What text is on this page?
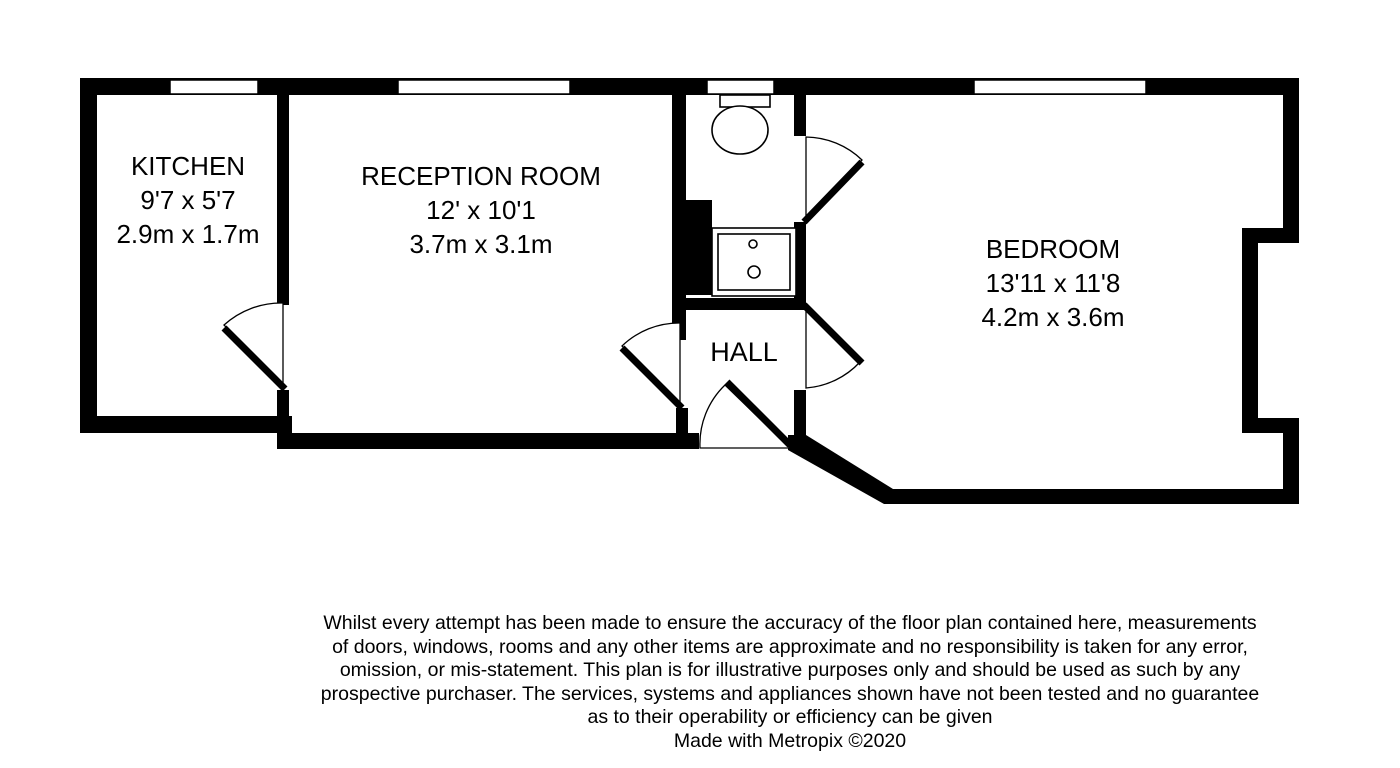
KITCHEN
9'7 x 5'7
2.9m x 1.7m
RECEPTION ROOM
12' x 10'1
3.7m x 3.1m	BEDROOM
13'11 x 11'8
4.2m x 3.6m
HALL

Whilst every attempt has been made to ensure the accuracy of the floor plan contained here, measurements

of doors, windows, rooms and any other items are approximate and no responsibility is taken for any error,

omission, or mis-statement. This plan is for illustrative purposes only and should be used as such by any

prospective purchaser. The services, systems and appliances shown have not been tested and no guarantee

as to their operability or efficiency can be given

Made with Metropix ©2020
